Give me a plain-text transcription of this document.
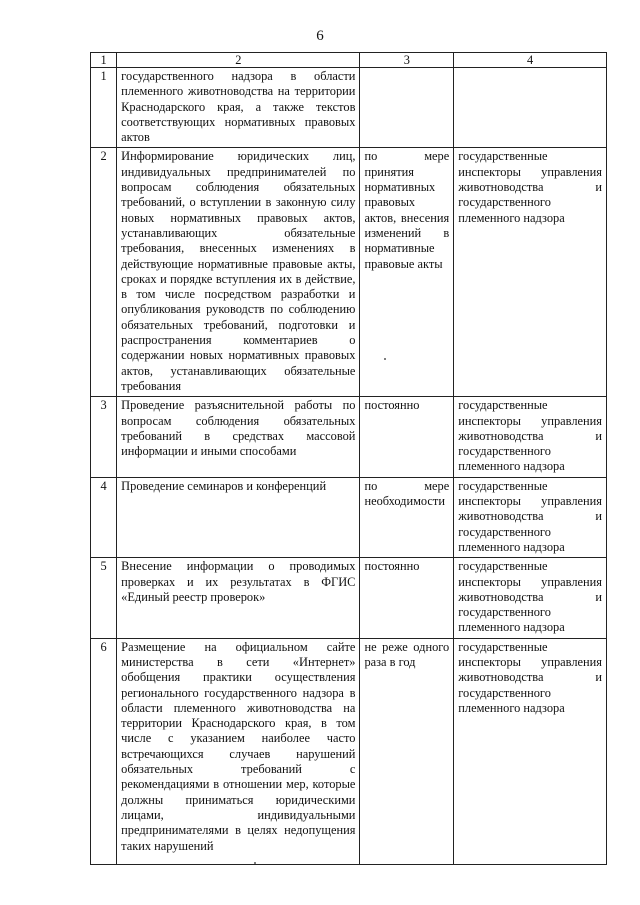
6
1	2	3	4
1	государственного надзора в области племенного животноводства на территории Краснодарского края, а также текстов соответствующих нормативных правовых актов		
2	Информирование юридических лиц, индивидуальных предпринимателей по вопросам соблюдения обязательных требований, о вступлении в законную силу новых нормативных правовых актов, устанавливающих обязательные требования, внесенных изменениях в действующие нормативные правовые акты, сроках и порядке вступления их в действие, в том числе посредством разработки и опубликования руководств по соблюдению обязательных требований, подготовки и распространения комментариев о содержании новых нормативных правовых актов, устанавливающих обязательные требования	по мере принятия нормативных правовых актов, внесения изменений в нормативные правовые акты	государственные инспекторы управления животноводства и государственного племенного надзора
3	Проведение разъяснительной работы по вопросам соблюдения обязательных требований в средствах массовой информации и иными способами	постоянно	государственные инспекторы управления животноводства и государственного племенного надзора
4	Проведение семинаров и конференций	по мере необходимости	государственные инспекторы управления животноводства и государственного племенного надзора
5	Внесение информации о проводимых проверках и их результатах в ФГИС «Единый реестр проверок»	постоянно	государственные инспекторы управления животноводства и государственного племенного надзора
6	Размещение на официальном сайте министерства в сети «Интернет» обобщения практики осуществления регионального государственного надзора в области племенного животноводства на территории Краснодарского края, в том числе с указанием наиболее часто встречающихся случаев нарушений обязательных требований с рекомендациями в отношении мер, которые должны приниматься юридическими лицами, индивидуальными предпринимателями в целях недопущения таких нарушений	не реже одного раза в год	государственные инспекторы управления животноводства и государственного племенного надзора
